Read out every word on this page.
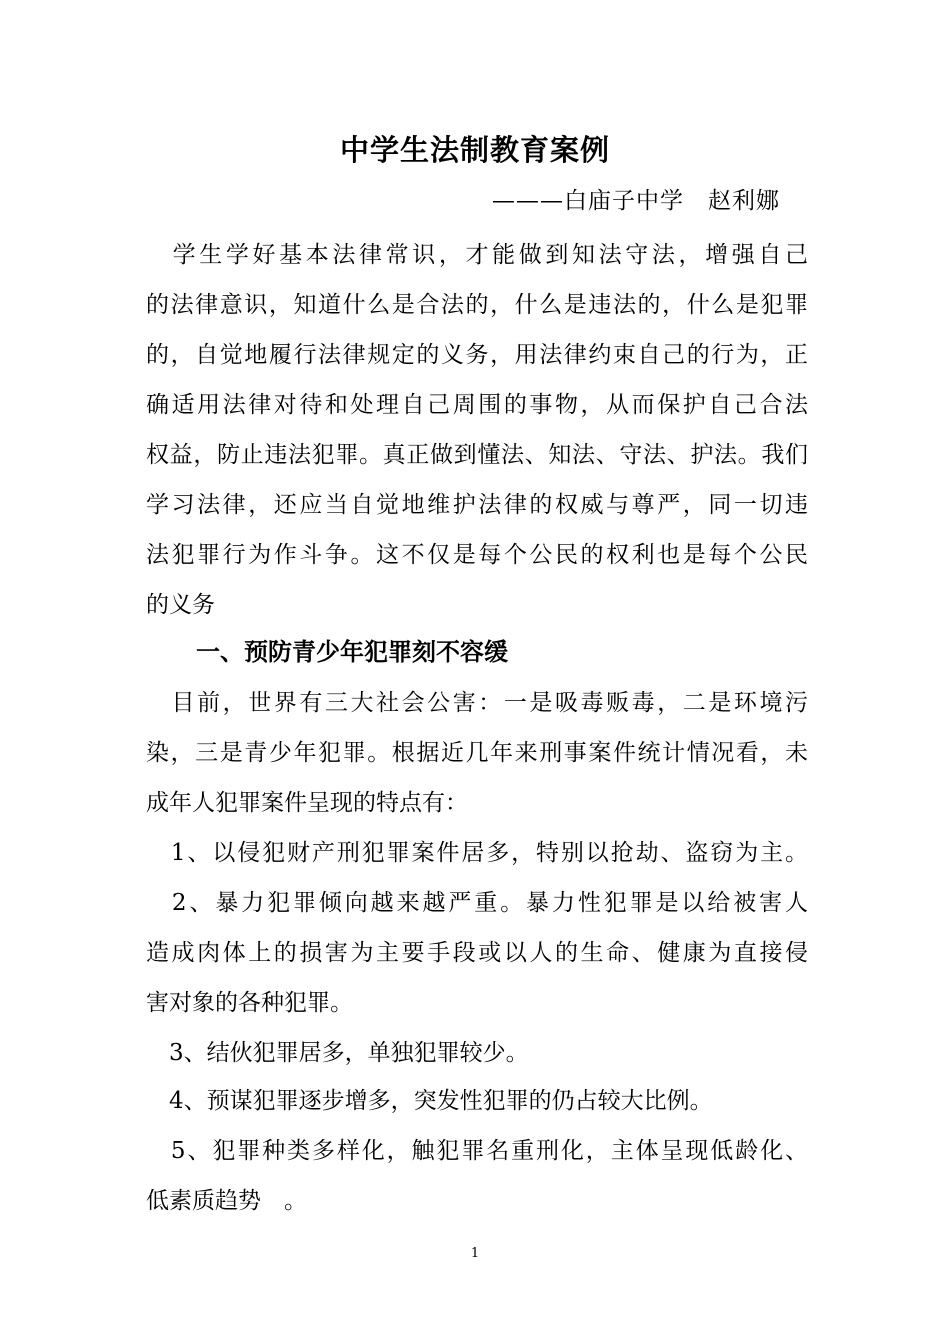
中学生法制教育案例
———白庙子中学　赵利娜
　学生学好基本法律常识，才能做到知法守法，增强自己
的法律意识，知道什么是合法的，什么是违法的，什么是犯罪
的，自觉地履行法律规定的义务，用法律约束自己的行为，正
确适用法律对待和处理自己周围的事物，从而保护自己合法
权益，防止违法犯罪。真正做到懂法、知法、守法、护法。我们
学习法律，还应当自觉地维护法律的权威与尊严，同一切违
法犯罪行为作斗争。这不仅是每个公民的权利也是每个公民
的义务
一、预防青少年犯罪刻不容缓
　目前，世界有三大社会公害：一是吸毒贩毒，二是环境污
染，三是青少年犯罪。根据近几年来刑事案件统计情况看，未
成年人犯罪案件呈现的特点有：
　1、以侵犯财产刑犯罪案件居多，特别以抢劫、盗窃为主。
　2、暴力犯罪倾向越来越严重。暴力性犯罪是以给被害人
造成肉体上的损害为主要手段或以人的生命、健康为直接侵
害对象的各种犯罪。
　3、结伙犯罪居多，单独犯罪较少。
　4、预谋犯罪逐步增多，突发性犯罪的仍占较大比例。
　5、犯罪种类多样化，触犯罪名重刑化，主体呈现低龄化、
低素质趋势　。
1
